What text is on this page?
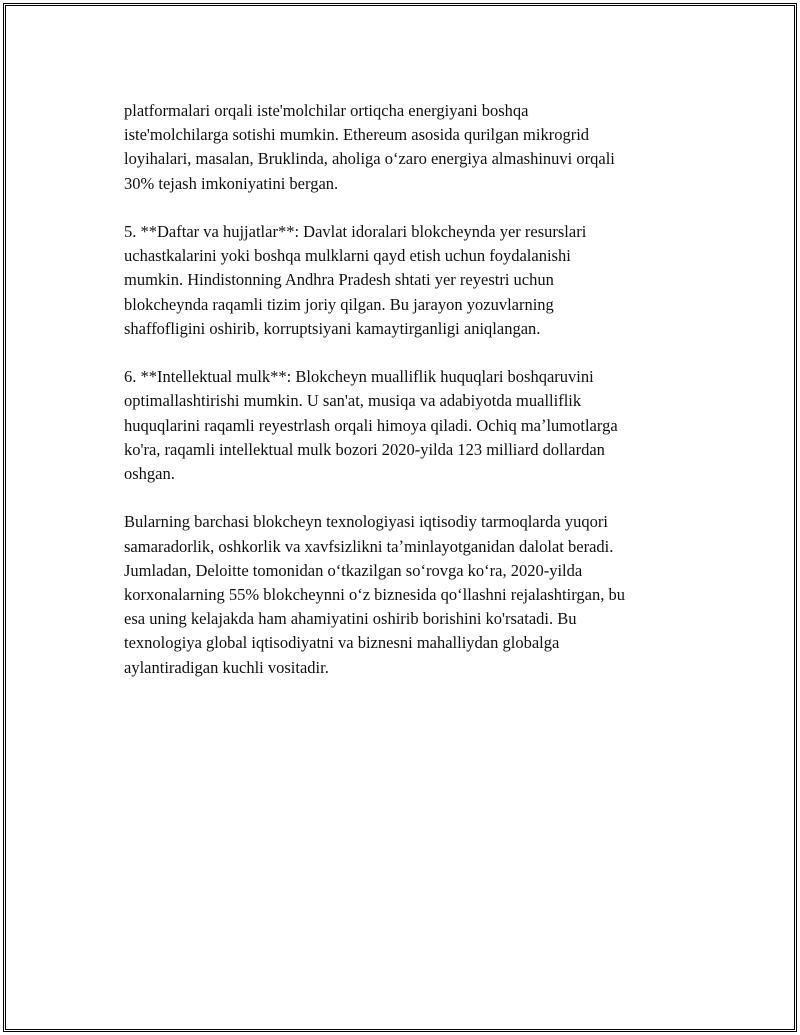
platformalari orqali iste'molchilar ortiqcha energiyani boshqa
iste'molchilarga sotishi mumkin. Ethereum asosida qurilgan mikrogrid
loyihalari, masalan, Bruklinda, aholiga oʻzaro energiya almashinuvi orqali
30% tejash imkoniyatini bergan.

5. **Daftar va hujjatlar**: Davlat idoralari blokcheynda yer resurslari
uchastkalarini yoki boshqa mulklarni qayd etish uchun foydalanishi
mumkin. Hindistonning Andhra Pradesh shtati yer reyestri uchun
blokcheynda raqamli tizim joriy qilgan. Bu jarayon yozuvlarning
shaffofligini oshirib, korruptsiyani kamaytirganligi aniqlangan.

6. **Intellektual mulk**: Blokcheyn mualliflik huquqlari boshqaruvini
optimallashtirishi mumkin. U san'at, musiqa va adabiyotda mualliflik
huquqlarini raqamli reyestrlash orqali himoya qiladi. Ochiq maʼlumotlarga
ko'ra, raqamli intellektual mulk bozori 2020-yilda 123 milliard dollardan
oshgan.

Bularning barchasi blokcheyn texnologiyasi iqtisodiy tarmoqlarda yuqori
samaradorlik, oshkorlik va xavfsizlikni taʼminlayotganidan dalolat beradi.
Jumladan, Deloitte tomonidan oʻtkazilgan soʻrovga koʻra, 2020-yilda
korxonalarning 55% blokcheynni oʻz biznesida qoʻllashni rejalashtirgan, bu
esa uning kelajakda ham ahamiyatini oshirib borishini ko'rsatadi. Bu
texnologiya global iqtisodiyatni va biznesni mahalliydan globalga
aylantiradigan kuchli vositadir.
